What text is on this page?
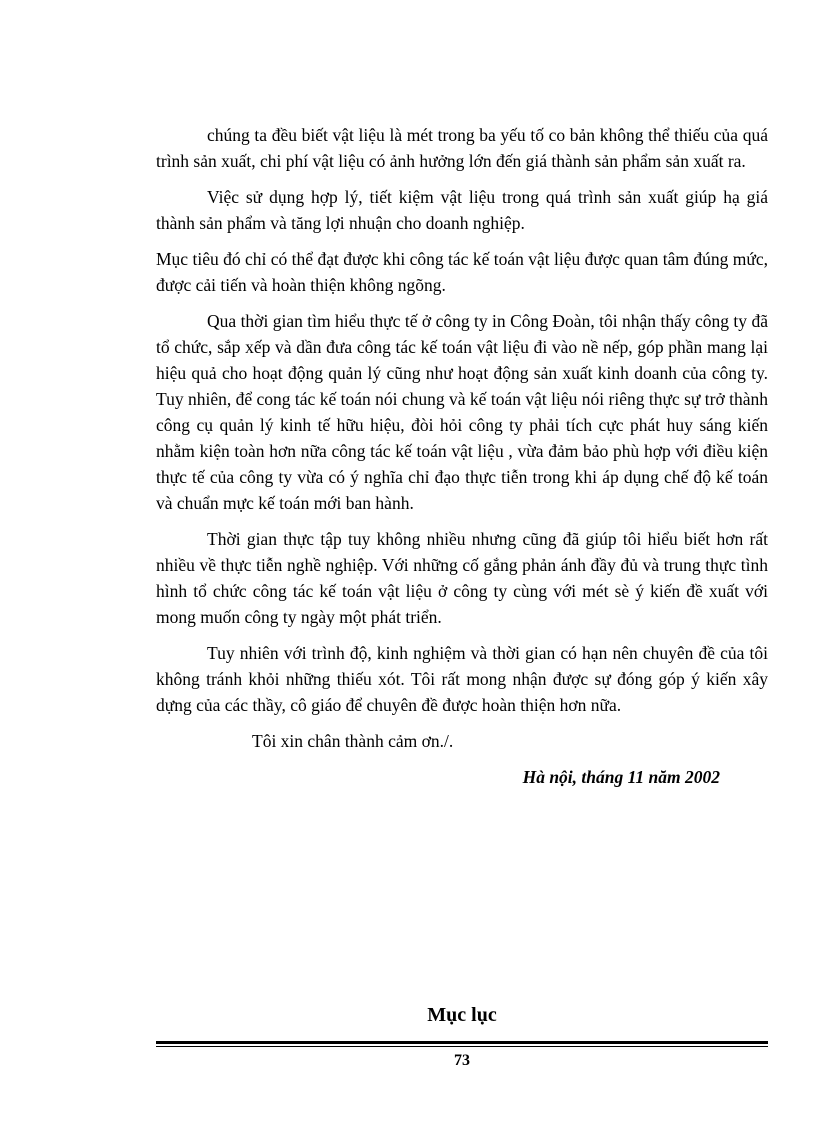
chúng ta đều biết vật liệu là mét trong ba yếu tố co bản không thể thiếu của quá trình sản xuất, chi phí vật liệu có ảnh hưởng lớn đến giá thành sản phẩm sản xuất ra.

Việc sử dụng hợp lý, tiết kiệm vật liệu trong quá trình sản xuất giúp hạ giá thành sản phẩm và tăng lợi nhuận cho doanh nghiệp.

Mục tiêu đó chỉ có thể đạt được khi công tác kế toán vật liệu được quan tâm đúng mức, được cải tiến và hoàn thiện không ngõng.

Qua thời gian tìm hiểu thực tế ở công ty in Công Đoàn, tôi nhận thấy công ty đã tổ chức, sắp xếp và dần đưa công tác kế toán vật liệu đi vào nề nếp, góp phần mang lại hiệu quả cho hoạt động quản lý cũng như hoạt động sản xuất kinh doanh của công ty. Tuy nhiên, để cong tác kế toán nói chung và kế toán vật liệu nói riêng thực sự trở thành công cụ quản lý kinh tế hữu hiệu, đòi hỏi công ty phải tích cực phát huy sáng kiến nhằm kiện toàn hơn nữa công tác kế toán vật liệu , vừa đảm bảo phù hợp với điều kiện thực tế của công ty vừa có ý nghĩa chỉ đạo thực tiễn trong khi áp dụng chế độ kế toán và chuẩn mực kế toán mới ban hành.

Thời gian thực tập tuy không nhiều nhưng cũng đã giúp tôi hiểu biết hơn rất nhiều về thực tiễn nghề nghiệp. Với những cố gắng phản ánh đầy đủ và trung thực tình hình tổ chức công tác kế toán vật liệu ở công ty cùng với mét sè ý kiến đề xuất với mong muốn công ty ngày một phát triển.

Tuy nhiên với trình độ, kinh nghiệm và thời gian có hạn nên chuyên đề của tôi không tránh khỏi những thiếu xót. Tôi rất mong nhận được sự đóng góp ý kiến xây dựng của các thầy, cô giáo để chuyên đề được hoàn thiện hơn nữa.

Tôi xin chân thành cảm ơn./.

Hà nội, tháng 11 năm 2002

Mục lục
73
